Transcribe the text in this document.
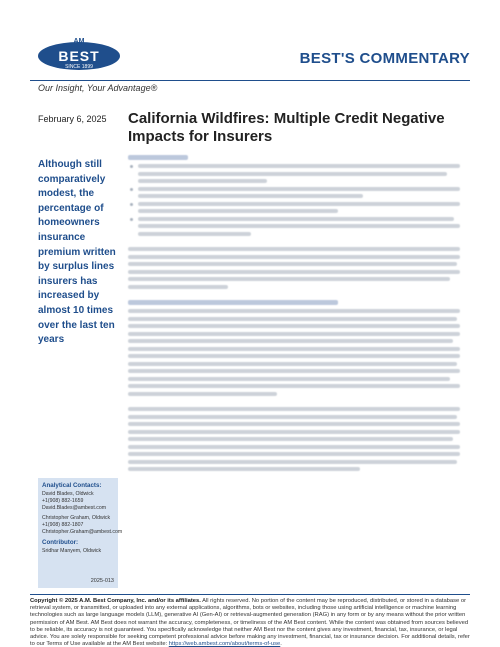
AM
BEST
SINCE 1899	BEST'S COMMENTARY
Our Insight, Your Advantage®
February 6, 2025 California Wildfires: Multiple Credit Negative Impacts for Insurers
Although still comparatively modest, the percentage of homeowners insurance premium written by surplus lines insurers has increased by almost 10 times over the last ten years
Analytical Contacts:
David Blades, Oldwick
+1(908) 882-1659
David.Blades@ambest.com
Christopher Graham, Oldwick
+1(908) 882-1807
Christopher.Graham@ambest.com
Contributor:
Sridhar Manyem, Oldwick
2025-013
Copyright © 2025 A.M. Best Company, Inc. and/or its affiliates. All rights reserved. No portion of the content may be reproduced, distributed, or stored in a database or retrieval system, or transmitted, or uploaded into any external applications, algorithms, bots or websites, including those using artificial intelligence or machine learning technologies such as large language models (LLM), generative AI (Gen-AI) or retrieval-augmented generation (RAG) in any form or by any means without the prior written permission of AM Best. AM Best does not warrant the accuracy, completeness, or timeliness of the AM Best content. While the content was obtained from sources believed to be reliable, its accuracy is not guaranteed. You specifically acknowledge that neither AM Best nor the content gives any investment, financial, tax, insurance, or legal advice. You are solely responsible for seeking competent professional advice before making any investment, financial, tax or insurance decision. For additional details, refer to our Terms of Use available at the AM Best website: https://web.ambest.com/about/terms-of-use.
